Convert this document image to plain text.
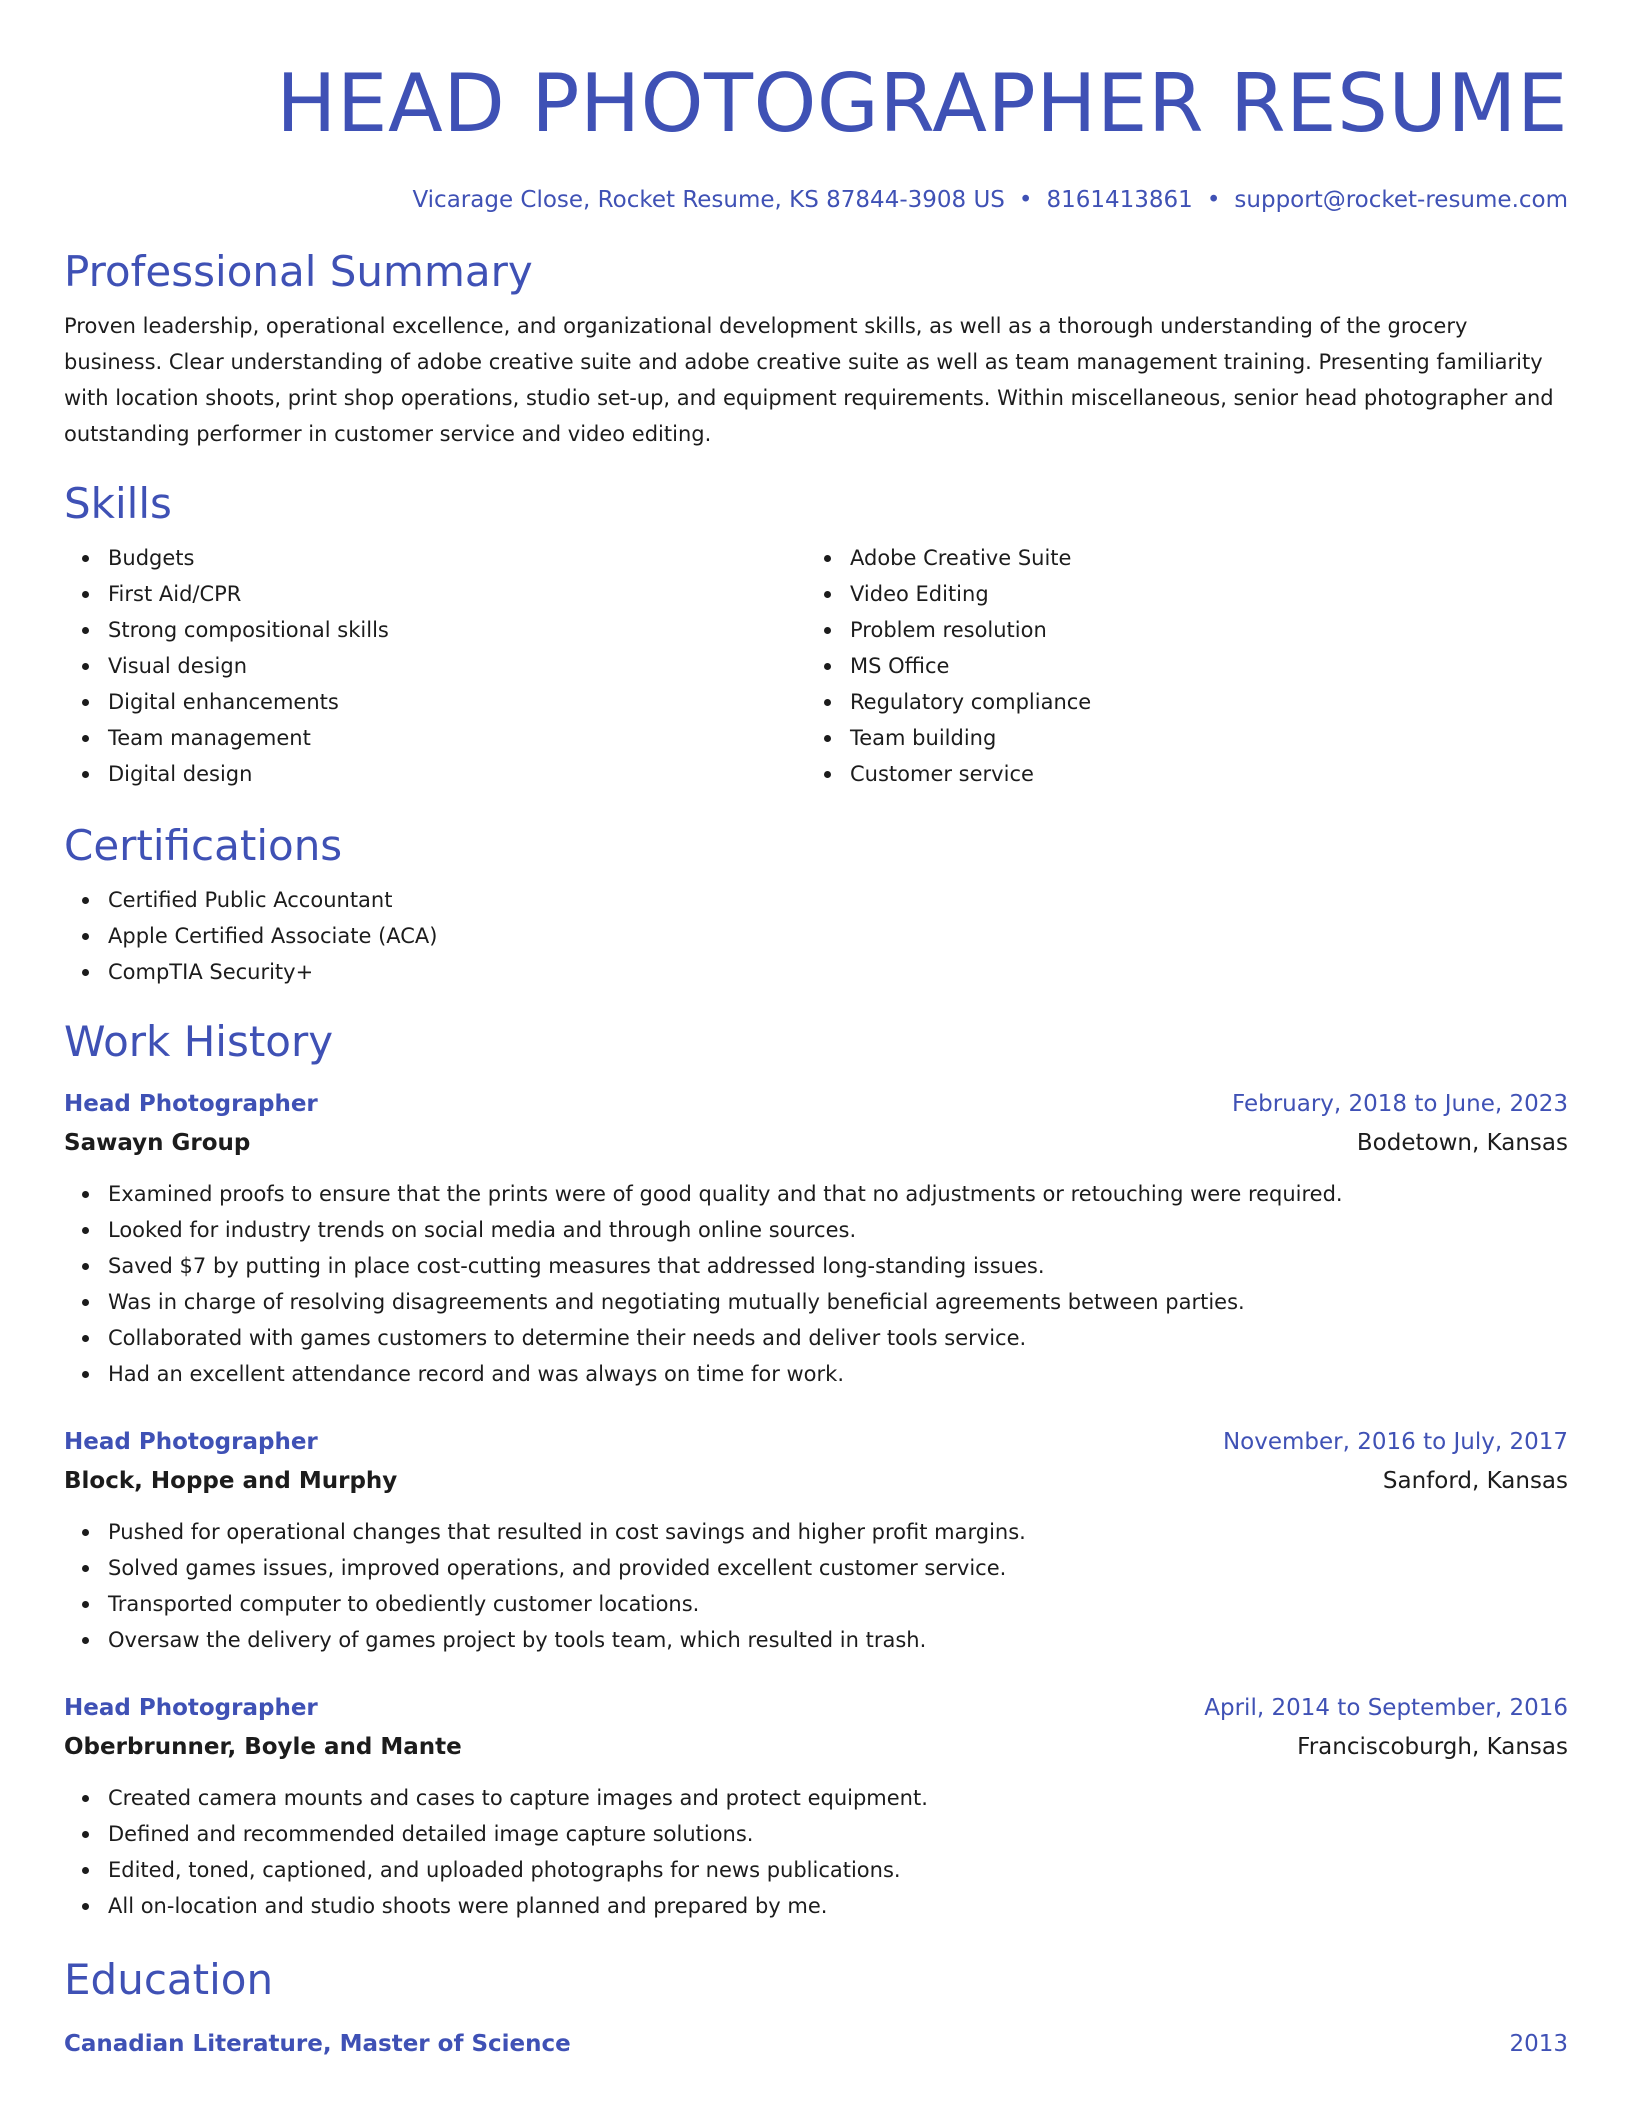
HEAD PHOTOGRAPHER RESUME
Vicarage Close, Rocket Resume, KS 87844-3908 US • 8161413861 • support@rocket-resume.com
Professional Summary

Proven leadership, operational excellence, and organizational development skills, as well as a thorough understanding of the grocery business. Clear understanding of adobe creative suite and adobe creative suite as well as team management training. Presenting familiarity with location shoots, print shop operations, studio set-up, and equipment requirements. Within miscellaneous, senior head photographer and outstanding performer in customer service and video editing.

Skills
Budgets
First Aid/CPR
Strong compositional skills
Visual design
Digital enhancements
Team management
Digital design
Adobe Creative Suite
Video Editing
Problem resolution
MS Office
Regulatory compliance
Team building
Customer service
Certifications
Certified Public Accountant
Apple Certified Associate (ACA)
CompTIA Security+
Work History
Head Photographer	February, 2018 to June, 2023
Sawayn Group	Bodetown, Kansas
Examined proofs to ensure that the prints were of good quality and that no adjustments or retouching were required.
Looked for industry trends on social media and through online sources.
Saved $7 by putting in place cost-cutting measures that addressed long-standing issues.
Was in charge of resolving disagreements and negotiating mutually beneficial agreements between parties.
Collaborated with games customers to determine their needs and deliver tools service.
Had an excellent attendance record and was always on time for work.
Head Photographer	November, 2016 to July, 2017
Block, Hoppe and Murphy	Sanford, Kansas
Pushed for operational changes that resulted in cost savings and higher profit margins.
Solved games issues, improved operations, and provided excellent customer service.
Transported computer to obediently customer locations.
Oversaw the delivery of games project by tools team, which resulted in trash.
Head Photographer	April, 2014 to September, 2016
Oberbrunner, Boyle and Mante	Franciscoburgh, Kansas
Created camera mounts and cases to capture images and protect equipment.
Defined and recommended detailed image capture solutions.
Edited, toned, captioned, and uploaded photographs for news publications.
All on-location and studio shoots were planned and prepared by me.
Education
Canadian Literature, Master of Science	2013
